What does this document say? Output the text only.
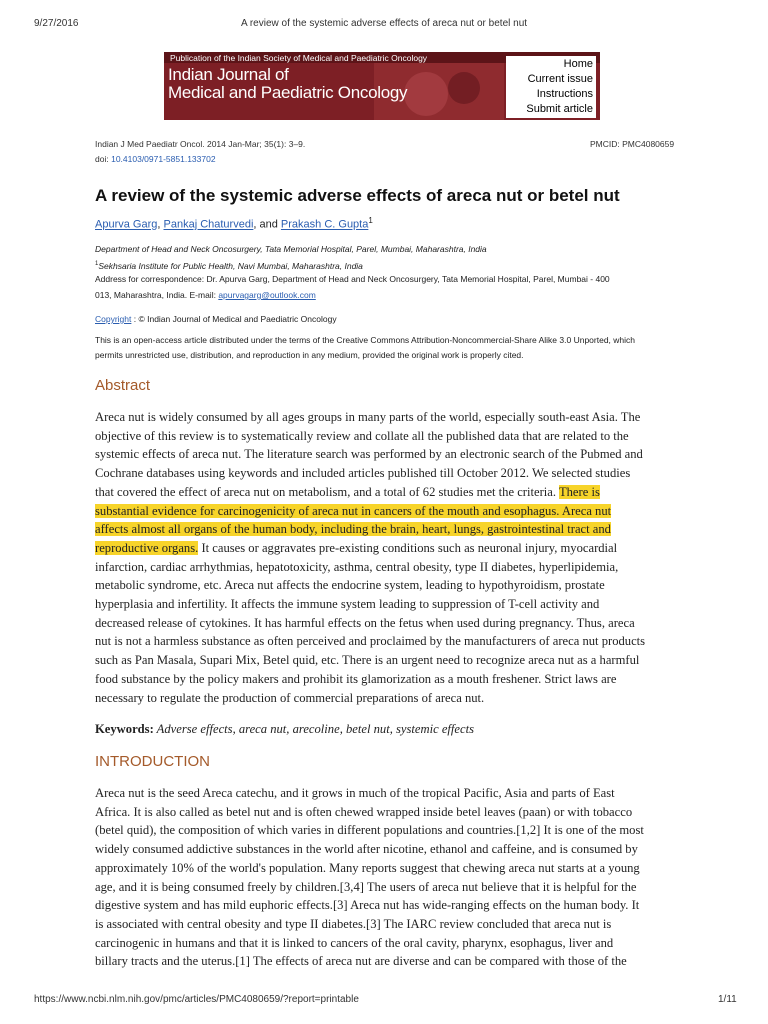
9/27/2016	A review of the systemic adverse effects of areca nut or betel nut
Publication of the Indian Society of Medical and Paediatric Oncology
Indian Journal of
Medical and Paediatric Oncology
Home
Current issue
Instructions
Submit article
Indian J Med Paediatr Oncol. 2014 Jan-Mar; 35(1): 3–9.	PMCID: PMC4080659
doi: 10.4103/0971-5851.133702
A review of the systemic adverse effects of areca nut or betel nut
Apurva Garg, Pankaj Chaturvedi, and Prakash C. Gupta$^1$
Department of Head and Neck Oncosurgery, Tata Memorial Hospital, Parel, Mumbai, Maharashtra, India
$^1$Sekhsaria Institute for Public Health, Navi Mumbai, Maharashtra, India
Address for correspondence: Dr. Apurva Garg, Department of Head and Neck Oncosurgery, Tata Memorial Hospital, Parel, Mumbai - 400
013, Maharashtra, India. E-mail: apurvagarg@outlook.com
Copyright : © Indian Journal of Medical and Paediatric Oncology
This is an open-access article distributed under the terms of the Creative Commons Attribution-Noncommercial-Share Alike 3.0 Unported, which
permits unrestricted use, distribution, and reproduction in any medium, provided the original work is properly cited.
Abstract
Areca nut is widely consumed by all ages groups in many parts of the world, especially south-east Asia. The
objective of this review is to systematically review and collate all the published data that are related to the
systemic effects of areca nut. The literature search was performed by an electronic search of the Pubmed and
Cochrane databases using keywords and included articles published till October 2012. We selected studies
that covered the effect of areca nut on metabolism, and a total of 62 studies met the criteria. There is
substantial evidence for carcinogenicity of areca nut in cancers of the mouth and esophagus. Areca nut
affects almost all organs of the human body, including the brain, heart, lungs, gastrointestinal tract and
reproductive organs. It causes or aggravates pre-existing conditions such as neuronal injury, myocardial
infarction, cardiac arrhythmias, hepatotoxicity, asthma, central obesity, type II diabetes, hyperlipidemia,
metabolic syndrome, etc. Areca nut affects the endocrine system, leading to hypothyroidism, prostate
hyperplasia and infertility. It affects the immune system leading to suppression of T-cell activity and
decreased release of cytokines. It has harmful effects on the fetus when used during pregnancy. Thus, areca
nut is not a harmless substance as often perceived and proclaimed by the manufacturers of areca nut products
such as Pan Masala, Supari Mix, Betel quid, etc. There is an urgent need to recognize areca nut as a harmful
food substance by the policy makers and prohibit its glamorization as a mouth freshener. Strict laws are
necessary to regulate the production of commercial preparations of areca nut.
Keywords: Adverse effects, areca nut, arecoline, betel nut, systemic effects
INTRODUCTION
Areca nut is the seed Areca catechu, and it grows in much of the tropical Pacific, Asia and parts of East
Africa. It is also called as betel nut and is often chewed wrapped inside betel leaves (paan) or with tobacco
(betel quid), the composition of which varies in different populations and countries.[1,2] It is one of the most
widely consumed addictive substances in the world after nicotine, ethanol and caffeine, and is consumed by
approximately 10% of the world's population. Many reports suggest that chewing areca nut starts at a young
age, and it is being consumed freely by children.[3,4] The users of areca nut believe that it is helpful for the
digestive system and has mild euphoric effects.[3] Areca nut has wide-ranging effects on the human body. It
is associated with central obesity and type II diabetes.[3] The IARC review concluded that areca nut is
carcinogenic in humans and that it is linked to cancers of the oral cavity, pharynx, esophagus, liver and
billary tracts and the uterus.[1] The effects of areca nut are diverse and can be compared with those of the
https://www.ncbi.nlm.nih.gov/pmc/articles/PMC4080659/?report=printable	1/11
